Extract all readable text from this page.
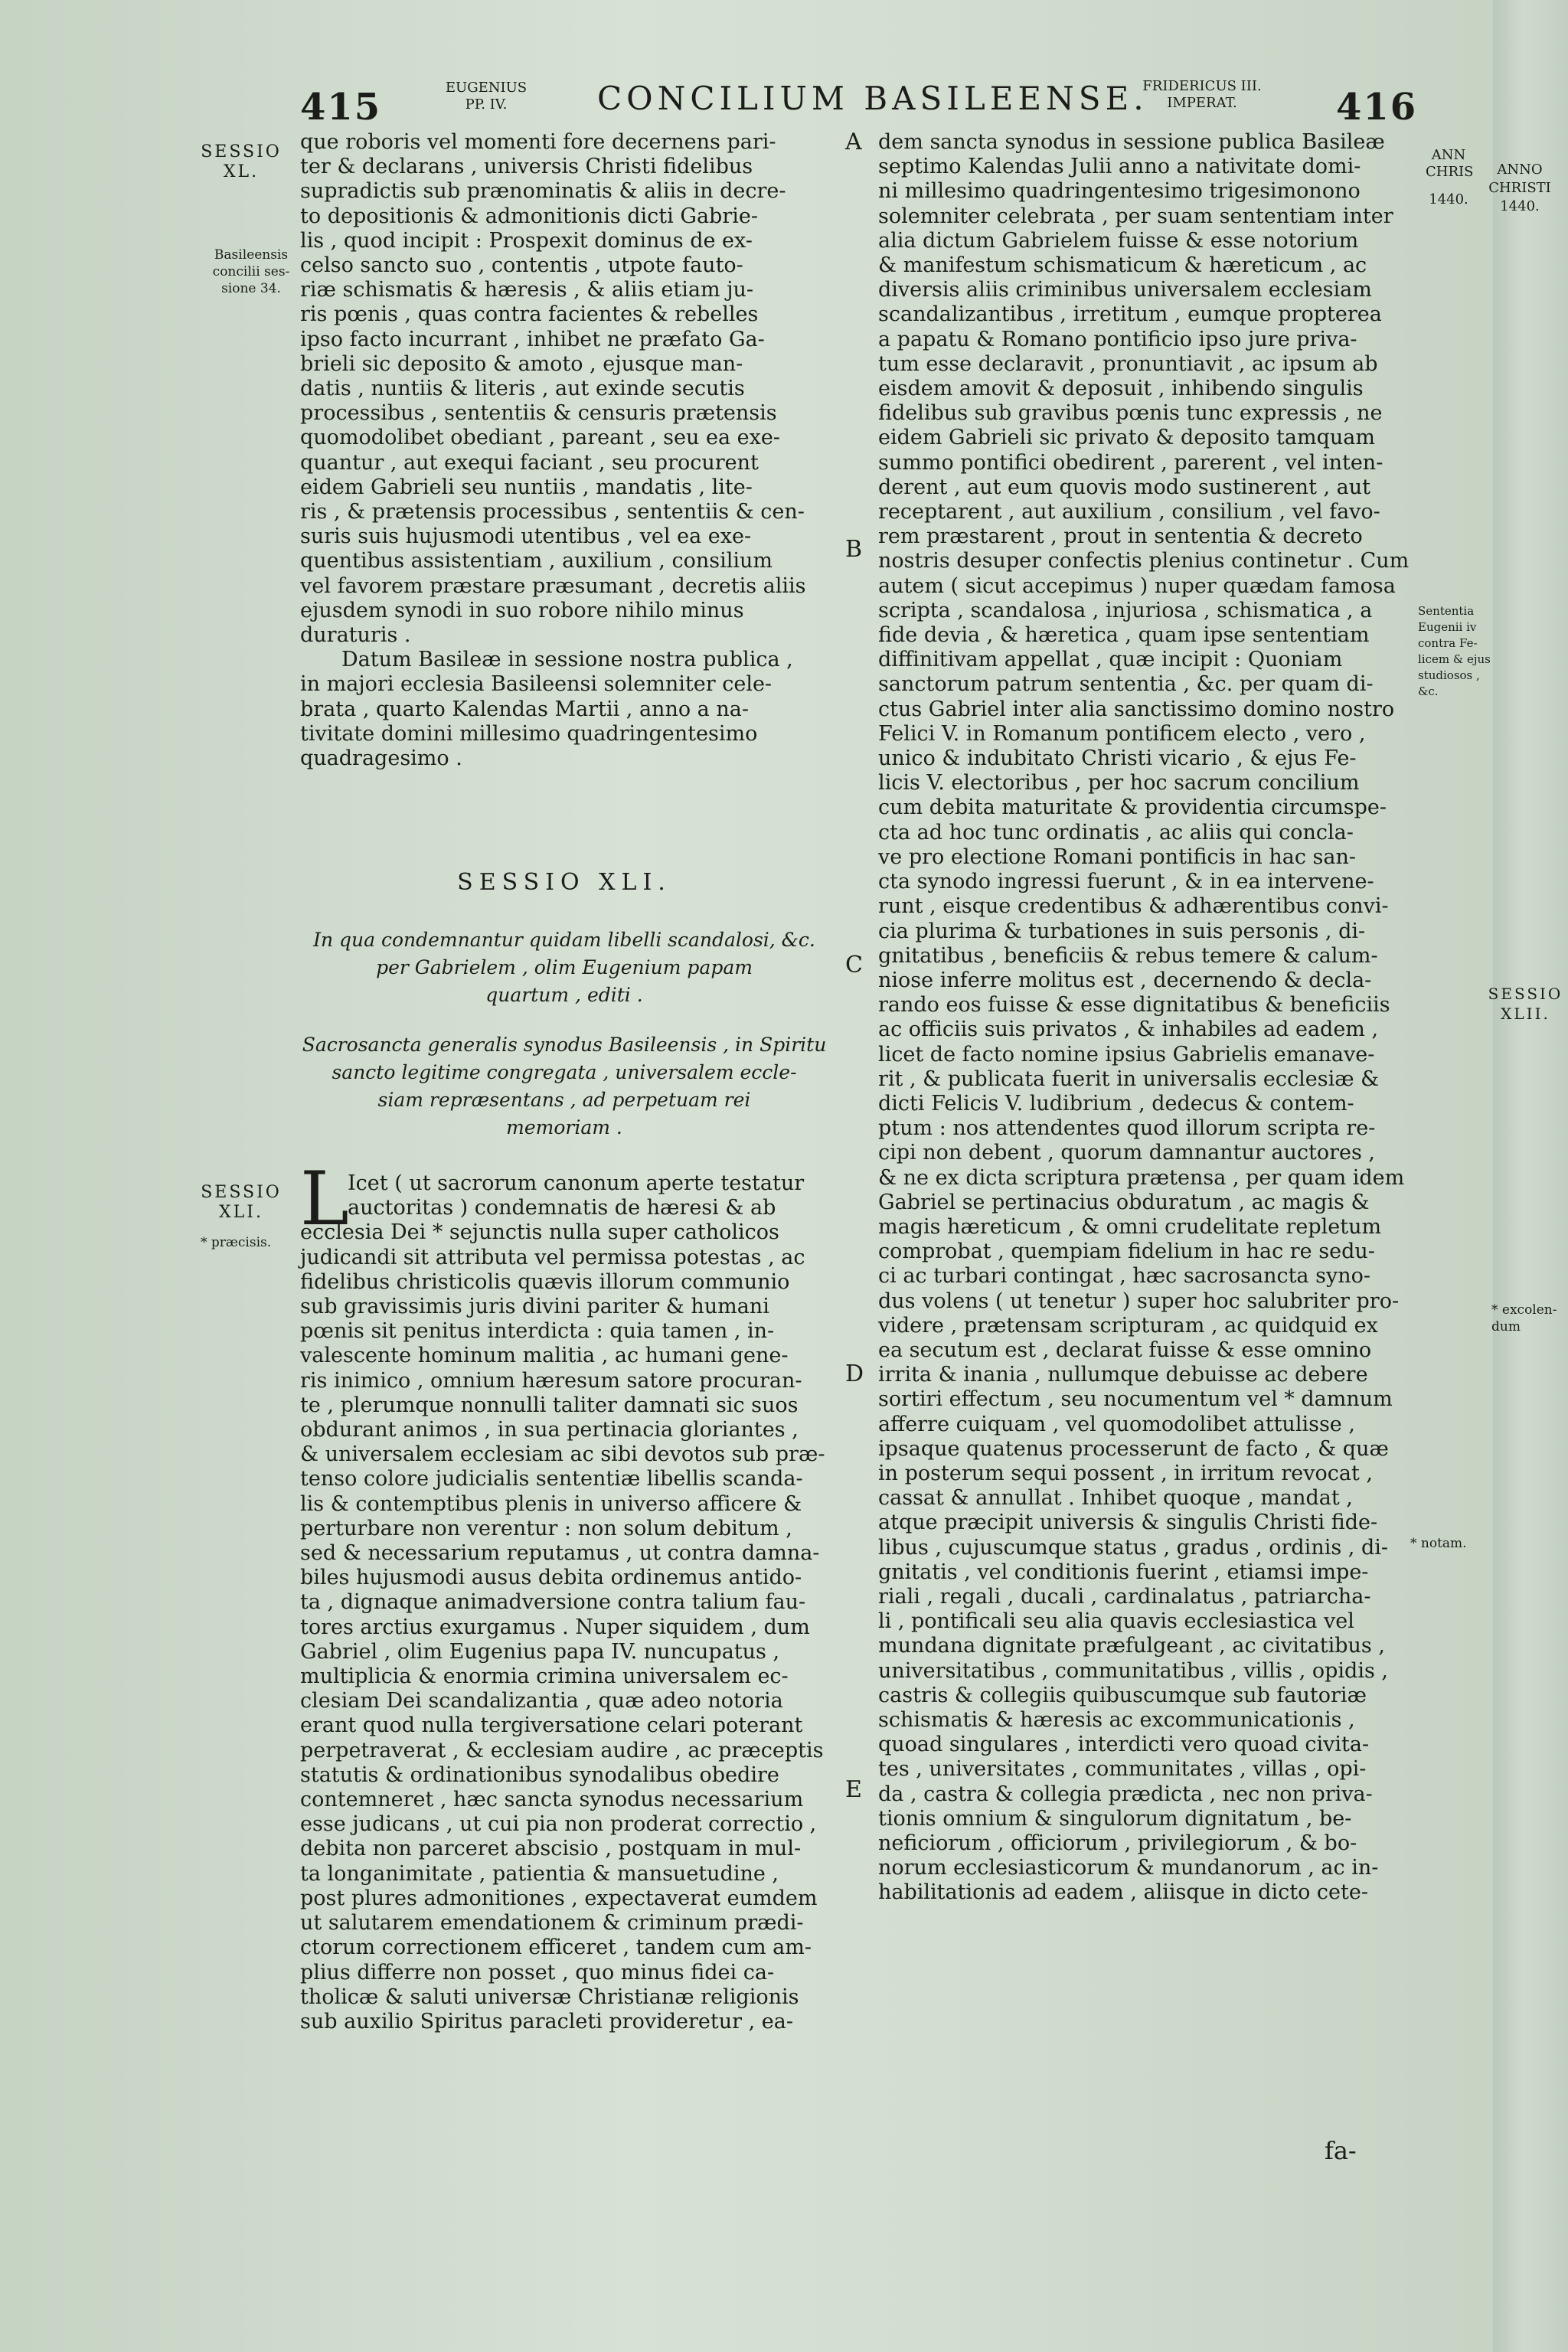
415	EUGENIUS
PP. IV.	CONCILIUM BASILEENSE.
FRIDERICUS III.
IMPERAT.	416
SESSIO
XL.
Basileensis
concilii ses-
sione 34.
SESSIO
XLI.
* præcisis.
que roboris vel momenti fore decernens pari-
ter & declarans , universis Christi fidelibus
supradictis sub prænominatis & aliis in decre-
to depositionis & admonitionis dicti Gabrie-
lis , quod incipit : Prospexit dominus de ex-
celso sancto suo , contentis , utpote fauto-
riæ schismatis & hæresis , & aliis etiam ju-
ris pœnis , quas contra facientes & rebelles
ipso facto incurrant , inhibet ne præfato Ga-
brieli sic deposito & amoto , ejusque man-
datis , nuntiis & literis , aut exinde secutis
processibus , sententiis & censuris prætensis
quomodolibet obediant , pareant , seu ea exe-
quantur , aut exequi faciant , seu procurent
eidem Gabrieli seu nuntiis , mandatis , lite-
ris , & prætensis processibus , sententiis & cen-
suris suis hujusmodi utentibus , vel ea exe-
quentibus assistentiam , auxilium , consilium
vel favorem præstare præsumant , decretis aliis
ejusdem synodi in suo robore nihilo minus
duraturis .
Datum Basileæ in sessione nostra publica ,
in majori ecclesia Basileensi solemniter cele-
brata , quarto Kalendas Martii , anno a na-
tivitate domini millesimo quadringentesimo
quadragesimo .
SESSIO XLI.
In qua condemnantur quidam libelli scandalosi, &c.
per Gabrielem , olim Eugenium papam
quartum , editi .
Sacrosancta generalis synodus Basileensis , in Spiritu
sancto legitime congregata , universalem eccle-
siam repræsentans , ad perpetuam rei
memoriam .
L
Icet ( ut sacrorum canonum aperte testatur
auctoritas ) condemnatis de hæresi & ab
ecclesia Dei * sejunctis nulla super catholicos
judicandi sit attributa vel permissa potestas , ac
fidelibus christicolis quævis illorum communio
sub gravissimis juris divini pariter & humani
pœnis sit penitus interdicta : quia tamen , in-
valescente hominum malitia , ac humani gene-
ris inimico , omnium hæresum satore procuran-
te , plerumque nonnulli taliter damnati sic suos
obdurant animos , in sua pertinacia gloriantes ,
& universalem ecclesiam ac sibi devotos sub præ-
tenso colore judicialis sententiæ libellis scanda-
lis & contemptibus plenis in universo afficere &
perturbare non verentur : non solum debitum ,
sed & necessarium reputamus , ut contra damna-
biles hujusmodi ausus debita ordinemus antido-
ta , dignaque animadversione contra talium fau-
tores arctius exurgamus . Nuper siquidem , dum
Gabriel , olim Eugenius papa IV. nuncupatus ,
multiplicia & enormia crimina universalem ec-
clesiam Dei scandalizantia , quæ adeo notoria
erant quod nulla tergiversatione celari poterant
perpetraverat , & ecclesiam audire , ac præceptis
statutis & ordinationibus synodalibus obedire
contemneret , hæc sancta synodus necessarium
esse judicans , ut cui pia non proderat correctio ,
debita non parceret abscisio , postquam in mul-
ta longanimitate , patientia & mansuetudine ,
post plures admonitiones , expectaverat eumdem
ut salutarem emendationem & criminum prædi-
ctorum correctionem efficeret , tandem cum am-
plius differre non posset , quo minus fidei ca-
tholicæ & saluti universæ Christianæ religionis
sub auxilio Spiritus paracleti provideretur , ea-
A
B
C
D
E
dem sancta synodus in sessione publica Basileæ
septimo Kalendas Julii anno a nativitate domi-
ni millesimo quadringentesimo trigesimonono
solemniter celebrata , per suam sententiam inter
alia dictum Gabrielem fuisse & esse notorium
& manifestum schismaticum & hæreticum , ac
diversis aliis criminibus universalem ecclesiam
scandalizantibus , irretitum , eumque propterea
a papatu & Romano pontificio ipso jure priva-
tum esse declaravit , pronuntiavit , ac ipsum ab
eisdem amovit & deposuit , inhibendo singulis
fidelibus sub gravibus pœnis tunc expressis , ne
eidem Gabrieli sic privato & deposito tamquam
summo pontifici obedirent , parerent , vel inten-
derent , aut eum quovis modo sustinerent , aut
receptarent , aut auxilium , consilium , vel favo-
rem præstarent , prout in sententia & decreto
nostris desuper confectis plenius continetur . Cum
autem ( sicut accepimus ) nuper quædam famosa
scripta , scandalosa , injuriosa , schismatica , a
fide devia , & hæretica , quam ipse sententiam
diffinitivam appellat , quæ incipit : Quoniam
sanctorum patrum sententia , &c. per quam di-
ctus Gabriel inter alia sanctissimo domino nostro
Felici V. in Romanum pontificem electo , vero ,
unico & indubitato Christi vicario , & ejus Fe-
licis V. electoribus , per hoc sacrum concilium
cum debita maturitate & providentia circumspe-
cta ad hoc tunc ordinatis , ac aliis qui concla-
ve pro electione Romani pontificis in hac san-
cta synodo ingressi fuerunt , & in ea intervene-
runt , eisque credentibus & adhærentibus convi-
cia plurima & turbationes in suis personis , di-
gnitatibus , beneficiis & rebus temere & calum-
niose inferre molitus est , decernendo & decla-
rando eos fuisse & esse dignitatibus & beneficiis
ac officiis suis privatos , & inhabiles ad eadem ,
licet de facto nomine ipsius Gabrielis emanave-
rit , & publicata fuerit in universalis ecclesiæ &
dicti Felicis V. ludibrium , dedecus & contem-
ptum : nos attendentes quod illorum scripta re-
cipi non debent , quorum damnantur auctores ,
& ne ex dicta scriptura prætensa , per quam idem
Gabriel se pertinacius obduratum , ac magis &
magis hæreticum , & omni crudelitate repletum
comprobat , quempiam fidelium in hac re sedu-
ci ac turbari contingat , hæc sacrosancta syno-
dus volens ( ut tenetur ) super hoc salubriter pro-
videre , prætensam scripturam , ac quidquid ex
ea secutum est , declarat fuisse & esse omnino
irrita & inania , nullumque debuisse ac debere
sortiri effectum , seu nocumentum vel * damnum
afferre cuiquam , vel quomodolibet attulisse ,
ipsaque quatenus processerunt de facto , & quæ
in posterum sequi possent , in irritum revocat ,
cassat & annullat . Inhibet quoque , mandat ,
atque præcipit universis & singulis Christi fide-
libus , cujuscumque status , gradus , ordinis , di-
gnitatis , vel conditionis fuerint , etiamsi impe-
riali , regali , ducali , cardinalatus , patriarcha-
li , pontificali seu alia quavis ecclesiastica vel
mundana dignitate præfulgeant , ac civitatibus ,
universitatibus , communitatibus , villis , opidis ,
castris & collegiis quibuscumque sub fautoriæ
schismatis & hæresis ac excommunicationis ,
quoad singulares , interdicti vero quoad civita-
tes , universitates , communitates , villas , opi-
da , castra & collegia prædicta , nec non priva-
tionis omnium & singulorum dignitatum , be-
neficiorum , officiorum , privilegiorum , & bo-
norum ecclesiasticorum & mundanorum , ac in-
habilitationis ad eadem , aliisque in dicto cete-
fa-
ANN
CHRIS
1440.
ANNO
CHRISTI
1440.
Sententia
Eugenii iv
contra Fe-
licem & ejus
studiosos ,
&c.
SESSIO
XLII.
* excolen-
dum
* notam.
